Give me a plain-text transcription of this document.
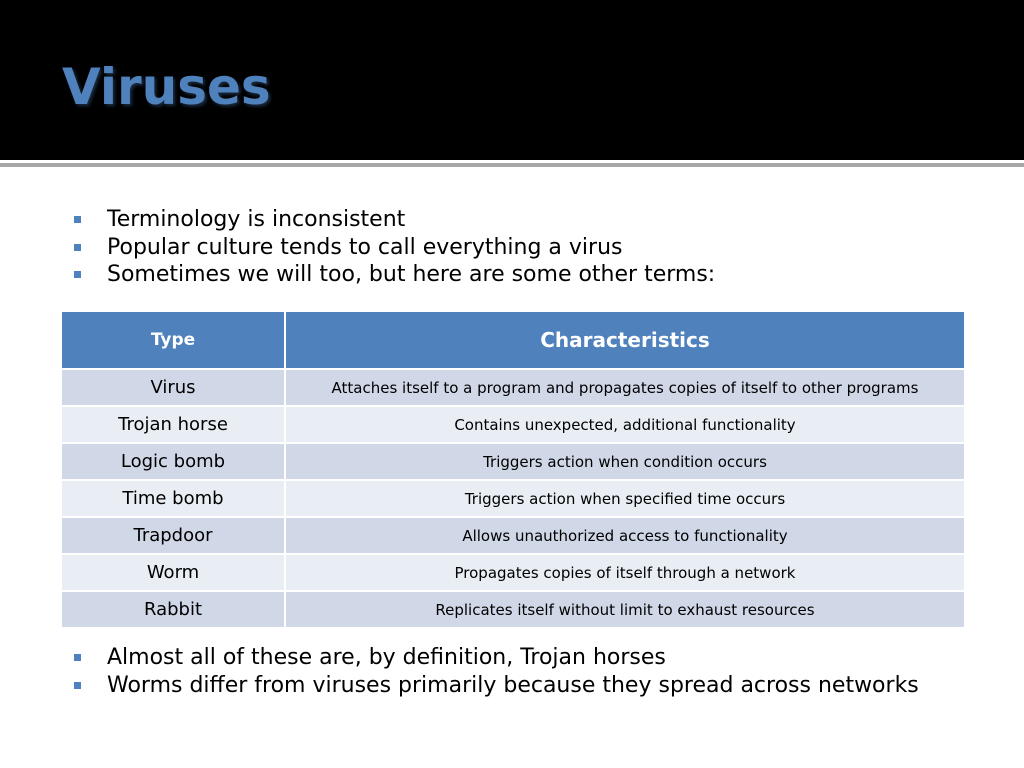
Viruses
Terminology is inconsistent
Popular culture tends to call everything a virus
Sometimes we will too, but here are some other terms:
Type	Characteristics
Virus	Attaches itself to a program and propagates copies of itself to other programs
Trojan horse	Contains unexpected, additional functionality
Logic bomb	Triggers action when condition occurs
Time bomb	Triggers action when specified time occurs
Trapdoor	Allows unauthorized access to functionality
Worm	Propagates copies of itself through a network
Rabbit	Replicates itself without limit to exhaust resources
Almost all of these are, by definition, Trojan horses
Worms differ from viruses primarily because they spread across networks
